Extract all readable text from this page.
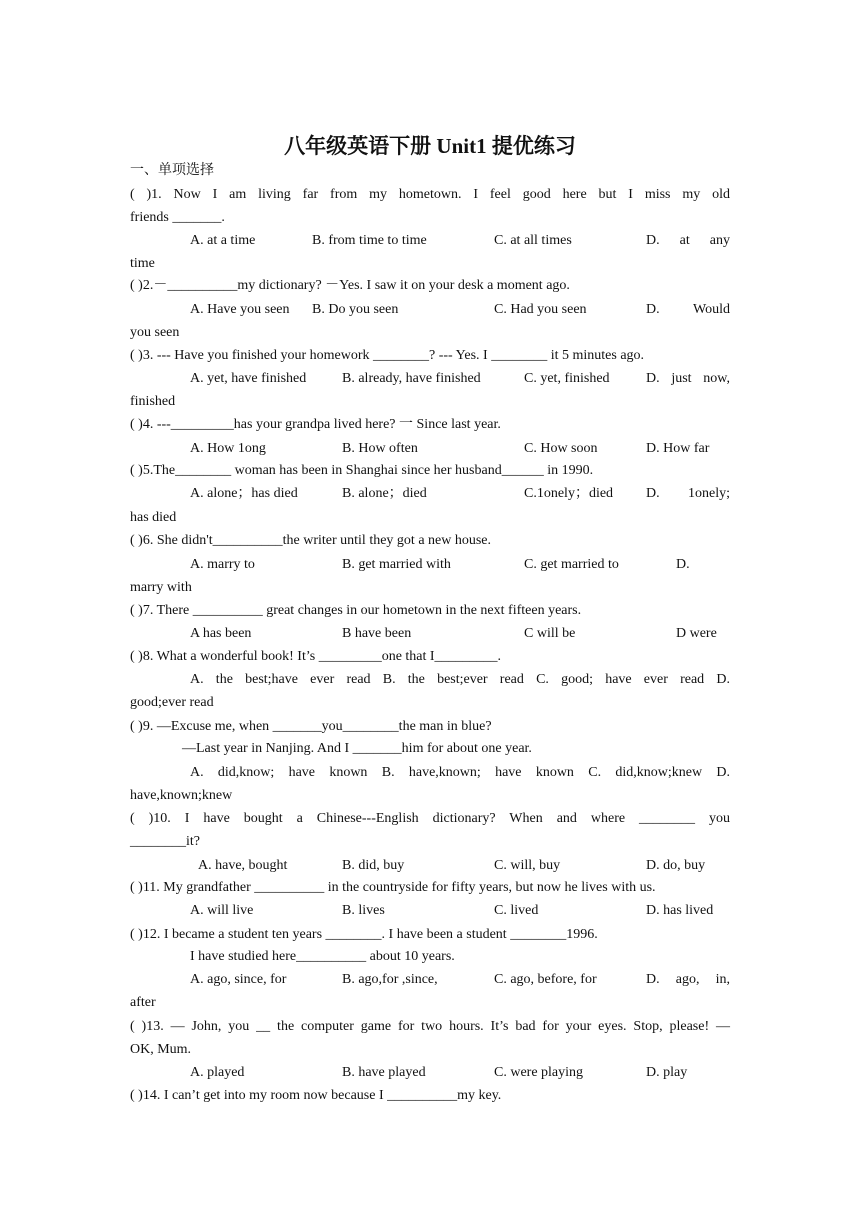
八年级英语下册 Unit1 提优练习
一、单项选择
( )1. Now I am living far from my hometown. I feel good here but I miss my old
friends _______.
A. at a time	B. from time to time	C. at all times	D. at any
time
( )2.－__________my dictionary? －Yes. I saw it on your desk a moment ago.
A. Have you seen B. Do you seen	C. Had you seen	D. Would
you seen
( )3. --- Have you finished your homework ________? --- Yes. I ________ it 5 minutes ago.
A. yet, have finished	B. already, have finished	C. yet, finished	D. just now,
finished
( )4. ---_________has your grandpa lived here? 一 Since last year.
A. How 1ong	B. How often	C. How soon	D. How far
( )5.The________ woman has been in Shanghai since her husband______ in 1990.
A. alone；has died	B. alone；died	C.1onely；died D. 1onely;
has died
( )6. She didn't__________the writer until they got a new house.
A. marry to	B. get married with	C. get married to	D.
marry with
( )7. There __________ great changes in our hometown in the next fifteen years.
A has been	B have been	C will be	D were
( )8. What a wonderful book! It’s _________one that I_________.
A. the best;have ever read B. the best;ever read C. good; have ever read D.
good;ever read
( )9. —Excuse me, when _______you________the man in blue?
—Last year in Nanjing. And I _______him for about one year.
A. did,know; have known B. have,known; have known C. did,know;knew D.
have,known;knew
( )10. I have bought a Chinese---English dictionary? When and where ________ you
________it?
A. have, bought	B. did, buy	C. will, buy	D. do, buy
( )11. My grandfather __________ in the countryside for fifty years, but now he lives with us.
A. will live	B. lives	C. lived	D. has lived
( )12. I became a student ten years ________. I have been a student ________1996.
I have studied here__________ about 10 years.
A. ago, since, for	B. ago,for ,since,	C. ago, before, for	D. ago, in,
after
( )13. — John, you __ the computer game for two hours. It’s bad for your eyes. Stop, please! —
OK, Mum.
A. played	B. have played	C. were playing	D. play
( )14. I can’t get into my room now because I __________my key.
